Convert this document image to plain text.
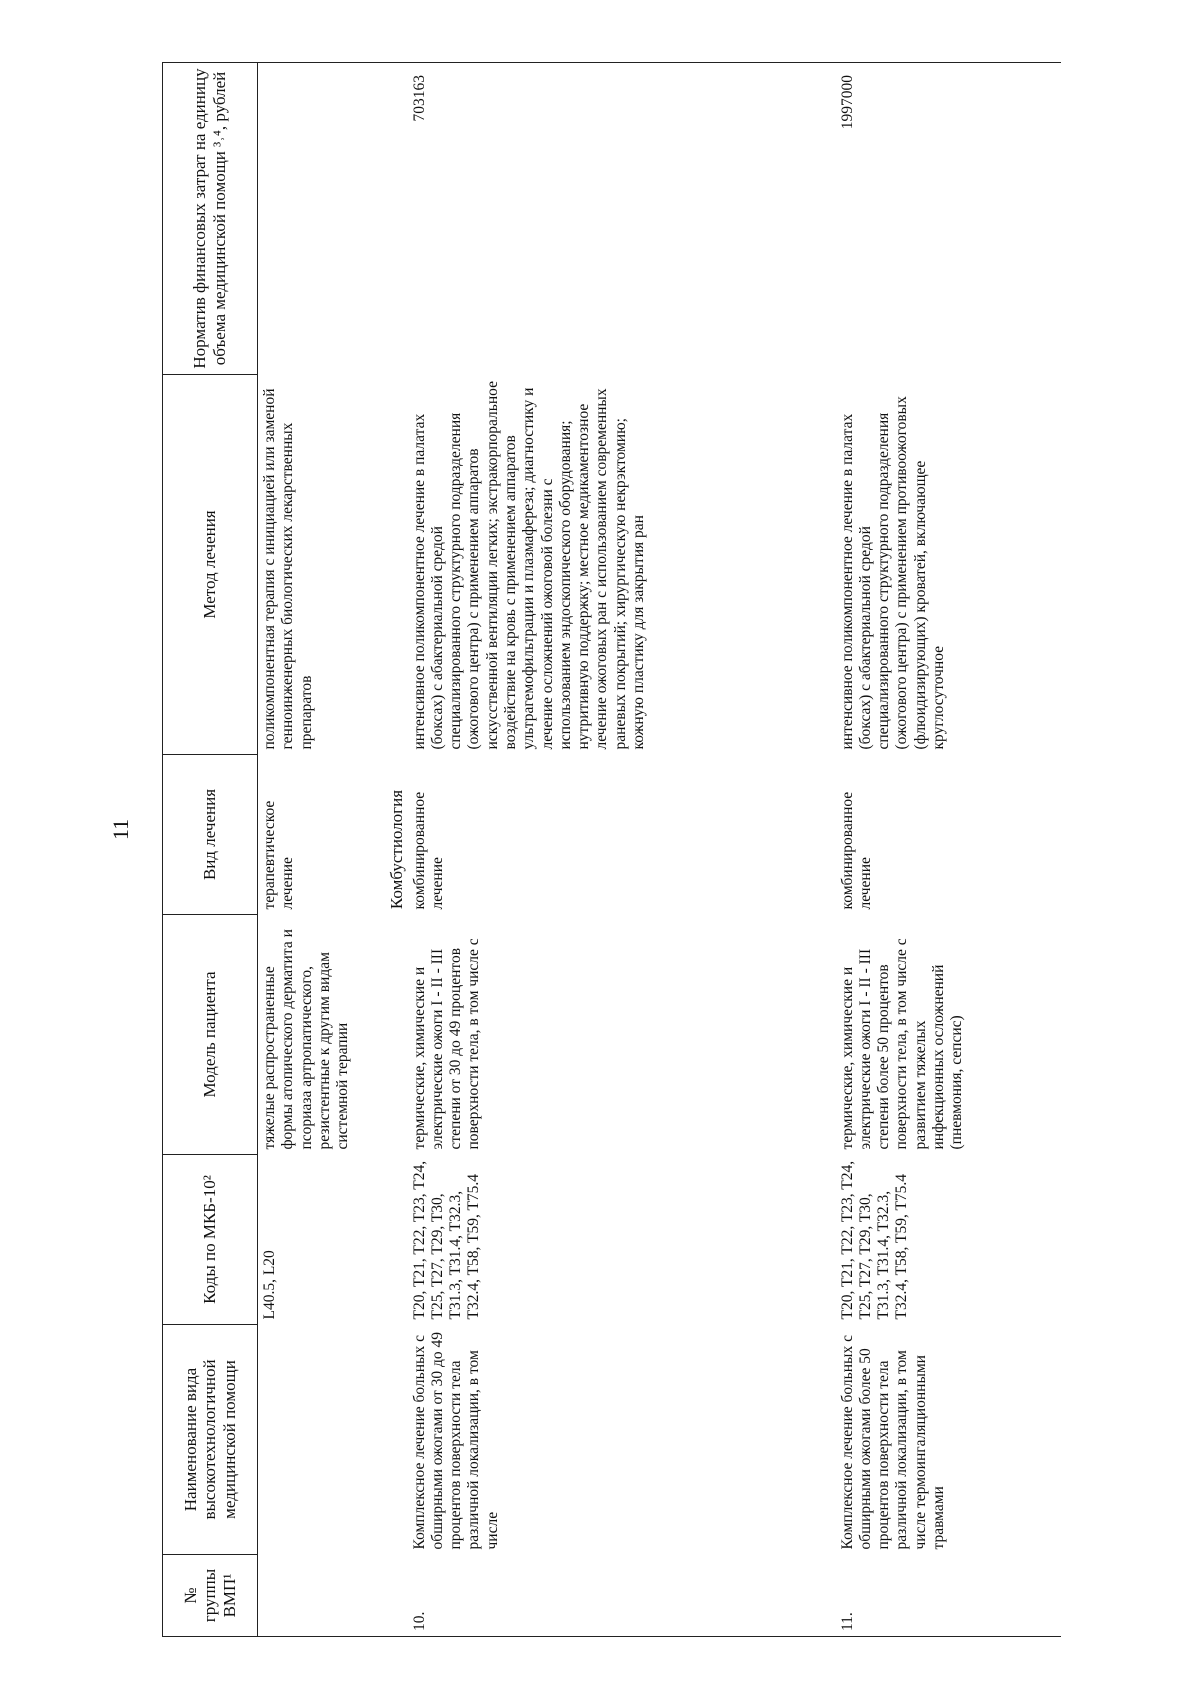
11
№ группы ВМП¹	Наименование вида высокотехнологичной медицинской помощи	Коды по МКБ-10²	Модель пациента	Вид лечения	Метод лечения	Норматив финансовых затрат на единицу объема медицинской помощи ³˒⁴, рублей
		L40.5, L20	тяжелые распространенные формы атопического дерматита и псориаза артропатического, резистентные к другим видам системной терапии	терапевтическое лечение	поликомпонентная терапия с инициацией или заменой генноинженерных биологических лекарственных препаратов	
Комбустиология						
10.	Комплексное лечение больных с обширными ожогами от 30 до 49 процентов поверхности тела различной локализации, в том числе	T20, T21, T22, T23, T24, T25, T27, T29, T30, T31.3, T31.4, T32.3, T32.4, T58, T59, T75.4	термические, химические и электрические ожоги I - II - III степени от 30 до 49 процентов поверхности тела, в том числе с	комбинированное лечение	интенсивное поликомпонентное лечение в палатах (боксах) с абактериальной средой специализированного структурного подразделения (ожогового центра) с применением аппаратов искусственной вентиляции легких; экстракорпоральное воздействие на кровь с применением аппаратов ультрагемофильтрации и плазмафереза; диагностику и лечение осложнений ожоговой болезни с использованием эндоскопического оборудования; нутритивную поддержку; местное медикаментозное лечение ожоговых ран с использованием современных раневых покрытий; хирургическую некрэктомию; кожную пластику для закрытия ран	703163
11.	Комплексное лечение больных с обширными ожогами более 50 процентов поверхности тела различной локализации, в том числе термоингаляционными травмами	T20, T21, T22, T23, T24, T25, T27, T29, T30, T31.3, T31.4, T32.3, T32.4, T58, T59, T75.4	термические, химические и электрические ожоги I - II - III степени более 50 процентов поверхности тела, в том числе с развитием тяжелых инфекционных осложнений (пневмония, сепсис)	комбинированное лечение	интенсивное поликомпонентное лечение в палатах (боксах) с абактериальной средой специализированного структурного подразделения (ожогового центра) с применением противоожоговых (флюидизирующих) кроватей, включающее круглосуточное	1997000
